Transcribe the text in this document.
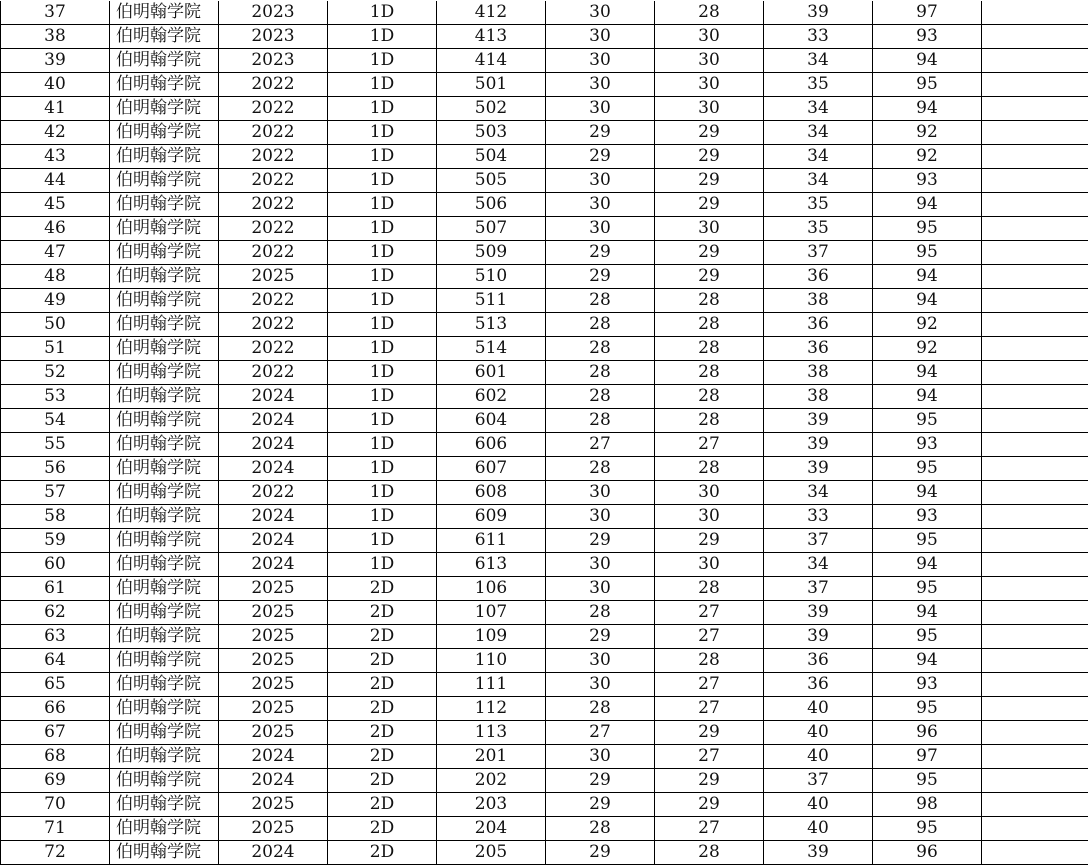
37	伯明翰学院	2023	1D	412	30	28	39	97	
38	伯明翰学院	2023	1D	413	30	30	33	93	
39	伯明翰学院	2023	1D	414	30	30	34	94	
40	伯明翰学院	2022	1D	501	30	30	35	95	
41	伯明翰学院	2022	1D	502	30	30	34	94	
42	伯明翰学院	2022	1D	503	29	29	34	92	
43	伯明翰学院	2022	1D	504	29	29	34	92	
44	伯明翰学院	2022	1D	505	30	29	34	93	
45	伯明翰学院	2022	1D	506	30	29	35	94	
46	伯明翰学院	2022	1D	507	30	30	35	95	
47	伯明翰学院	2022	1D	509	29	29	37	95	
48	伯明翰学院	2025	1D	510	29	29	36	94	
49	伯明翰学院	2022	1D	511	28	28	38	94	
50	伯明翰学院	2022	1D	513	28	28	36	92	
51	伯明翰学院	2022	1D	514	28	28	36	92	
52	伯明翰学院	2022	1D	601	28	28	38	94	
53	伯明翰学院	2024	1D	602	28	28	38	94	
54	伯明翰学院	2024	1D	604	28	28	39	95	
55	伯明翰学院	2024	1D	606	27	27	39	93	
56	伯明翰学院	2024	1D	607	28	28	39	95	
57	伯明翰学院	2022	1D	608	30	30	34	94	
58	伯明翰学院	2024	1D	609	30	30	33	93	
59	伯明翰学院	2024	1D	611	29	29	37	95	
60	伯明翰学院	2024	1D	613	30	30	34	94	
61	伯明翰学院	2025	2D	106	30	28	37	95	
62	伯明翰学院	2025	2D	107	28	27	39	94	
63	伯明翰学院	2025	2D	109	29	27	39	95	
64	伯明翰学院	2025	2D	110	30	28	36	94	
65	伯明翰学院	2025	2D	111	30	27	36	93	
66	伯明翰学院	2025	2D	112	28	27	40	95	
67	伯明翰学院	2025	2D	113	27	29	40	96	
68	伯明翰学院	2024	2D	201	30	27	40	97	
69	伯明翰学院	2024	2D	202	29	29	37	95	
70	伯明翰学院	2025	2D	203	29	29	40	98	
71	伯明翰学院	2025	2D	204	28	27	40	95	
72	伯明翰学院	2024	2D	205	29	28	39	96	
